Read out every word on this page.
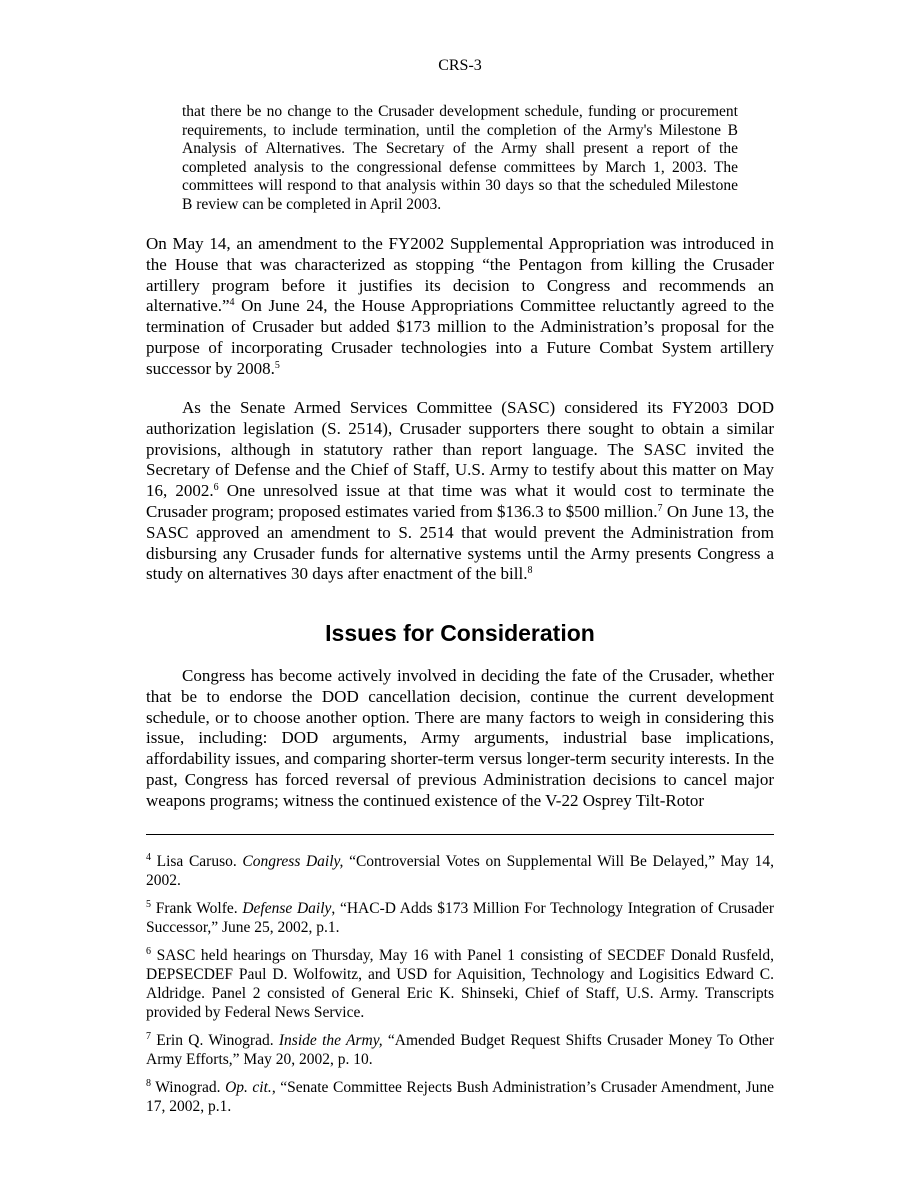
CRS-3
that there be no change to the Crusader development schedule, funding or procurement requirements, to include termination, until the completion of the Army's Milestone B Analysis of Alternatives. The Secretary of the Army shall present a report of the completed analysis to the congressional defense committees by March 1, 2003. The committees will respond to that analysis within 30 days so that the scheduled Milestone B review can be completed in April 2003.

On May 14, an amendment to the FY2002 Supplemental Appropriation was introduced in the House that was characterized as stopping “the Pentagon from killing the Crusader artillery program before it justifies its decision to Congress and recommends an alternative.”$^4$ On June 24, the House Appropriations Committee reluctantly agreed to the termination of Crusader but added $173 million to the Administration’s proposal for the purpose of incorporating Crusader technologies into a Future Combat System artillery successor by 2008.$^5$

As the Senate Armed Services Committee (SASC) considered its FY2003 DOD authorization legislation (S. 2514), Crusader supporters there sought to obtain a similar provisions, although in statutory rather than report language. The SASC invited the Secretary of Defense and the Chief of Staff, U.S. Army to testify about this matter on May 16, 2002.$^6$ One unresolved issue at that time was what it would cost to terminate the Crusader program; proposed estimates varied from $136.3 to $500 million.$^7$ On June 13, the SASC approved an amendment to S. 2514 that would prevent the Administration from disbursing any Crusader funds for alternative systems until the Army presents Congress a study on alternatives 30 days after enactment of the bill.$^8$

Issues for Consideration

Congress has become actively involved in deciding the fate of the Crusader, whether that be to endorse the DOD cancellation decision, continue the current development schedule, or to choose another option. There are many factors to weigh in considering this issue, including: DOD arguments, Army arguments, industrial base implications, affordability issues, and comparing shorter-term versus longer-term security interests. In the past, Congress has forced reversal of previous Administration decisions to cancel major weapons programs; witness the continued existence of the V-22 Osprey Tilt-Rotor

$^4$ Lisa Caruso. Congress Daily, “Controversial Votes on Supplemental Will Be Delayed,” May 14, 2002.

$^5$ Frank Wolfe. Defense Daily, “HAC-D Adds $173 Million For Technology Integration of Crusader Successor,” June 25, 2002, p.1.

$^6$ SASC held hearings on Thursday, May 16 with Panel 1 consisting of SECDEF Donald Rusfeld, DEPSECDEF Paul D. Wolfowitz, and USD for Aquisition, Technology and Logisitics Edward C. Aldridge. Panel 2 consisted of General Eric K. Shinseki, Chief of Staff, U.S. Army. Transcripts provided by Federal News Service.

$^7$ Erin Q. Winograd. Inside the Army, “Amended Budget Request Shifts Crusader Money To Other Army Efforts,” May 20, 2002, p. 10.

$^8$ Winograd. Op. cit., “Senate Committee Rejects Bush Administration’s Crusader Amendment, June 17, 2002, p.1.
